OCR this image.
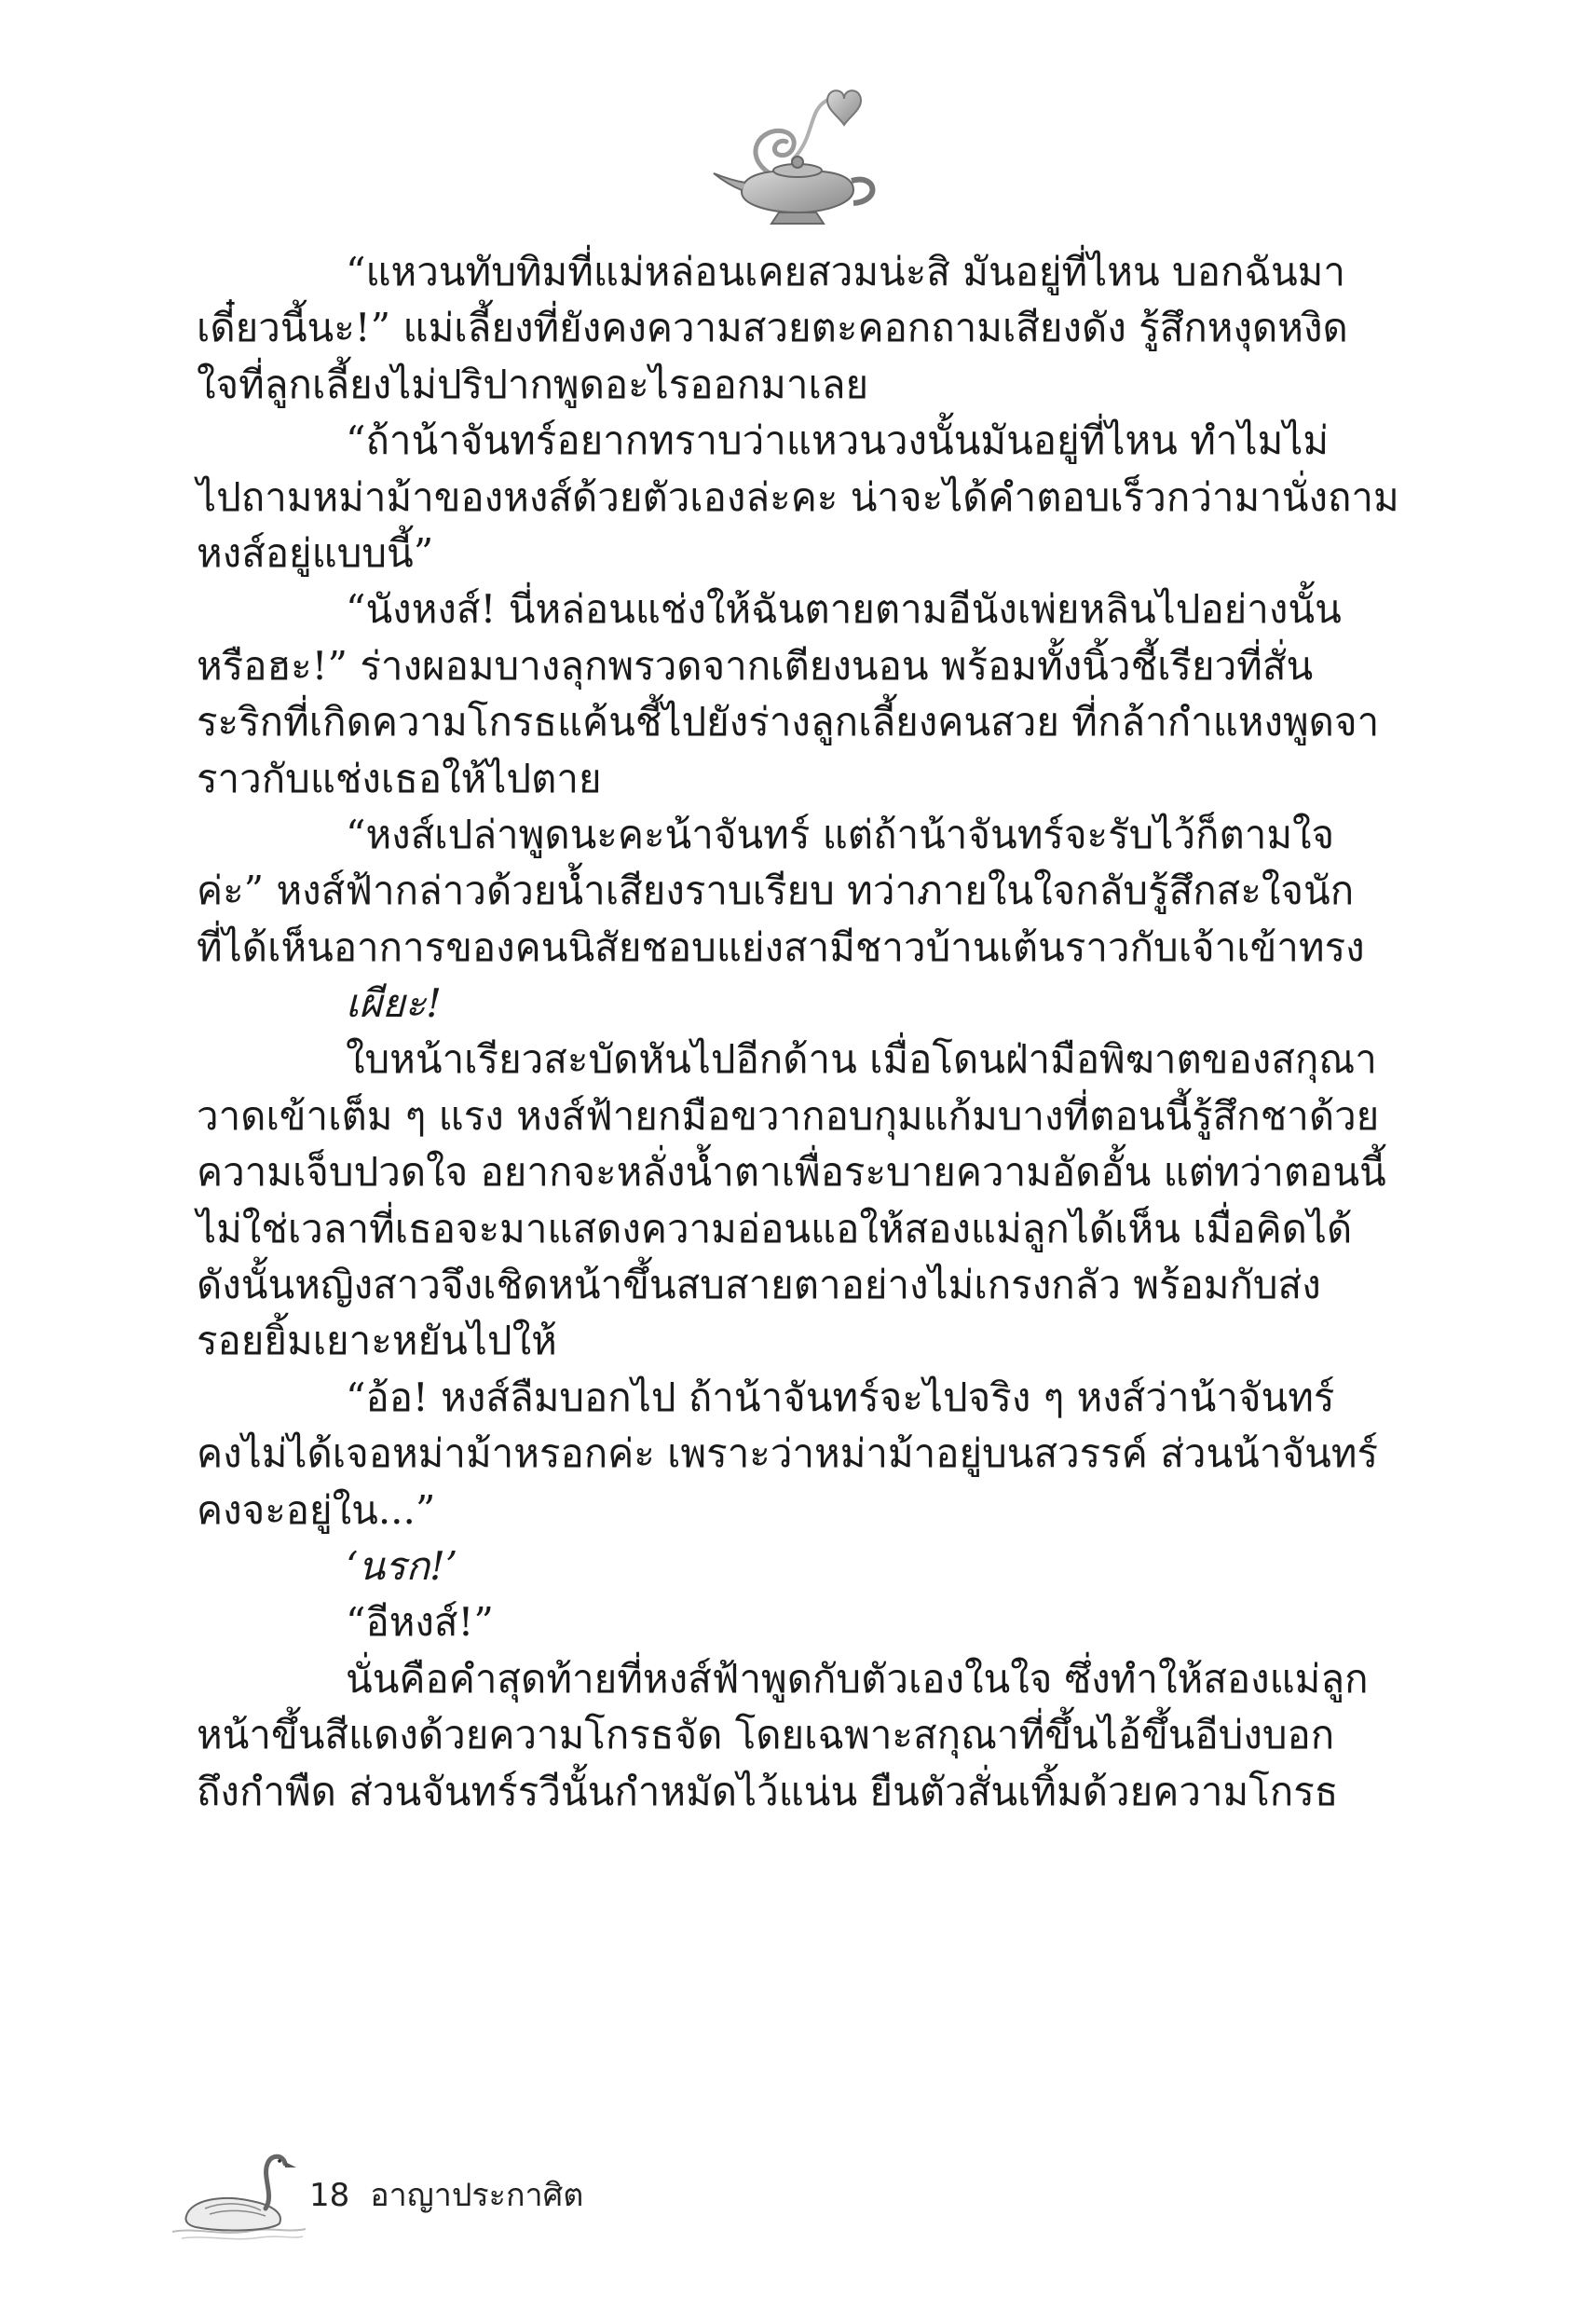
“แหวนทับทิมที่แม่หล่อนเคยสวมน่ะสิ มันอยู่ที่ไหน บอกฉันมา
เดี๋ยวนี้นะ!” แม่เลี้ยงที่ยังคงความสวยตะคอกถามเสียงดัง รู้สึกหงุดหงิด
ใจที่ลูกเลี้ยงไม่ปริปากพูดอะไรออกมาเลย
“ถ้าน้าจันทร์อยากทราบว่าแหวนวงนั้นมันอยู่ที่ไหน ทำไมไม่
ไปถามหม่าม้าของหงส์ด้วยตัวเองล่ะคะ น่าจะได้คำตอบเร็วกว่ามานั่งถาม
หงส์อยู่แบบนี้”
“นังหงส์! นี่หล่อนแช่งให้ฉันตายตามอีนังเพ่ยหลินไปอย่างนั้น
หรือฮะ!” ร่างผอมบางลุกพรวดจากเตียงนอน พร้อมทั้งนิ้วชี้เรียวที่สั่น
ระริกที่เกิดความโกรธแค้นชี้ไปยังร่างลูกเลี้ยงคนสวย ที่กล้ากำแหงพูดจา
ราวกับแช่งเธอให้ไปตาย
“หงส์เปล่าพูดนะคะน้าจันทร์ แต่ถ้าน้าจันทร์จะรับไว้ก็ตามใจ
ค่ะ” หงส์ฟ้ากล่าวด้วยน้ำเสียงราบเรียบ ทว่าภายในใจกลับรู้สึกสะใจนัก
ที่ได้เห็นอาการของคนนิสัยชอบแย่งสามีชาวบ้านเต้นราวกับเจ้าเข้าทรง
เผียะ!
ใบหน้าเรียวสะบัดหันไปอีกด้าน เมื่อโดนฝ่ามือพิฆาตของสกุณา
วาดเข้าเต็ม ๆ แรง หงส์ฟ้ายกมือขวากอบกุมแก้มบางที่ตอนนี้รู้สึกชาด้วย
ความเจ็บปวดใจ อยากจะหลั่งน้ำตาเพื่อระบายความอัดอั้น แต่ทว่าตอนนี้
ไม่ใช่เวลาที่เธอจะมาแสดงความอ่อนแอให้สองแม่ลูกได้เห็น เมื่อคิดได้
ดังนั้นหญิงสาวจึงเชิดหน้าขึ้นสบสายตาอย่างไม่เกรงกลัว พร้อมกับส่ง
รอยยิ้มเยาะหยันไปให้
“อ้อ! หงส์ลืมบอกไป ถ้าน้าจันทร์จะไปจริง ๆ หงส์ว่าน้าจันทร์
คงไม่ได้เจอหม่าม้าหรอกค่ะ เพราะว่าหม่าม้าอยู่บนสวรรค์ ส่วนน้าจันทร์
คงจะอยู่ใน...”
‘นรก!’
“อีหงส์!”
นั่นคือคำสุดท้ายที่หงส์ฟ้าพูดกับตัวเองในใจ ซึ่งทำให้สองแม่ลูก
หน้าขึ้นสีแดงด้วยความโกรธจัด โดยเฉพาะสกุณาที่ขึ้นไอ้ขึ้นอีบ่งบอก
ถึงกำพืด ส่วนจันทร์รวีนั้นกำหมัดไว้แน่น ยืนตัวสั่นเทิ้มด้วยความโกรธ
18 อาญาประกาศิต
